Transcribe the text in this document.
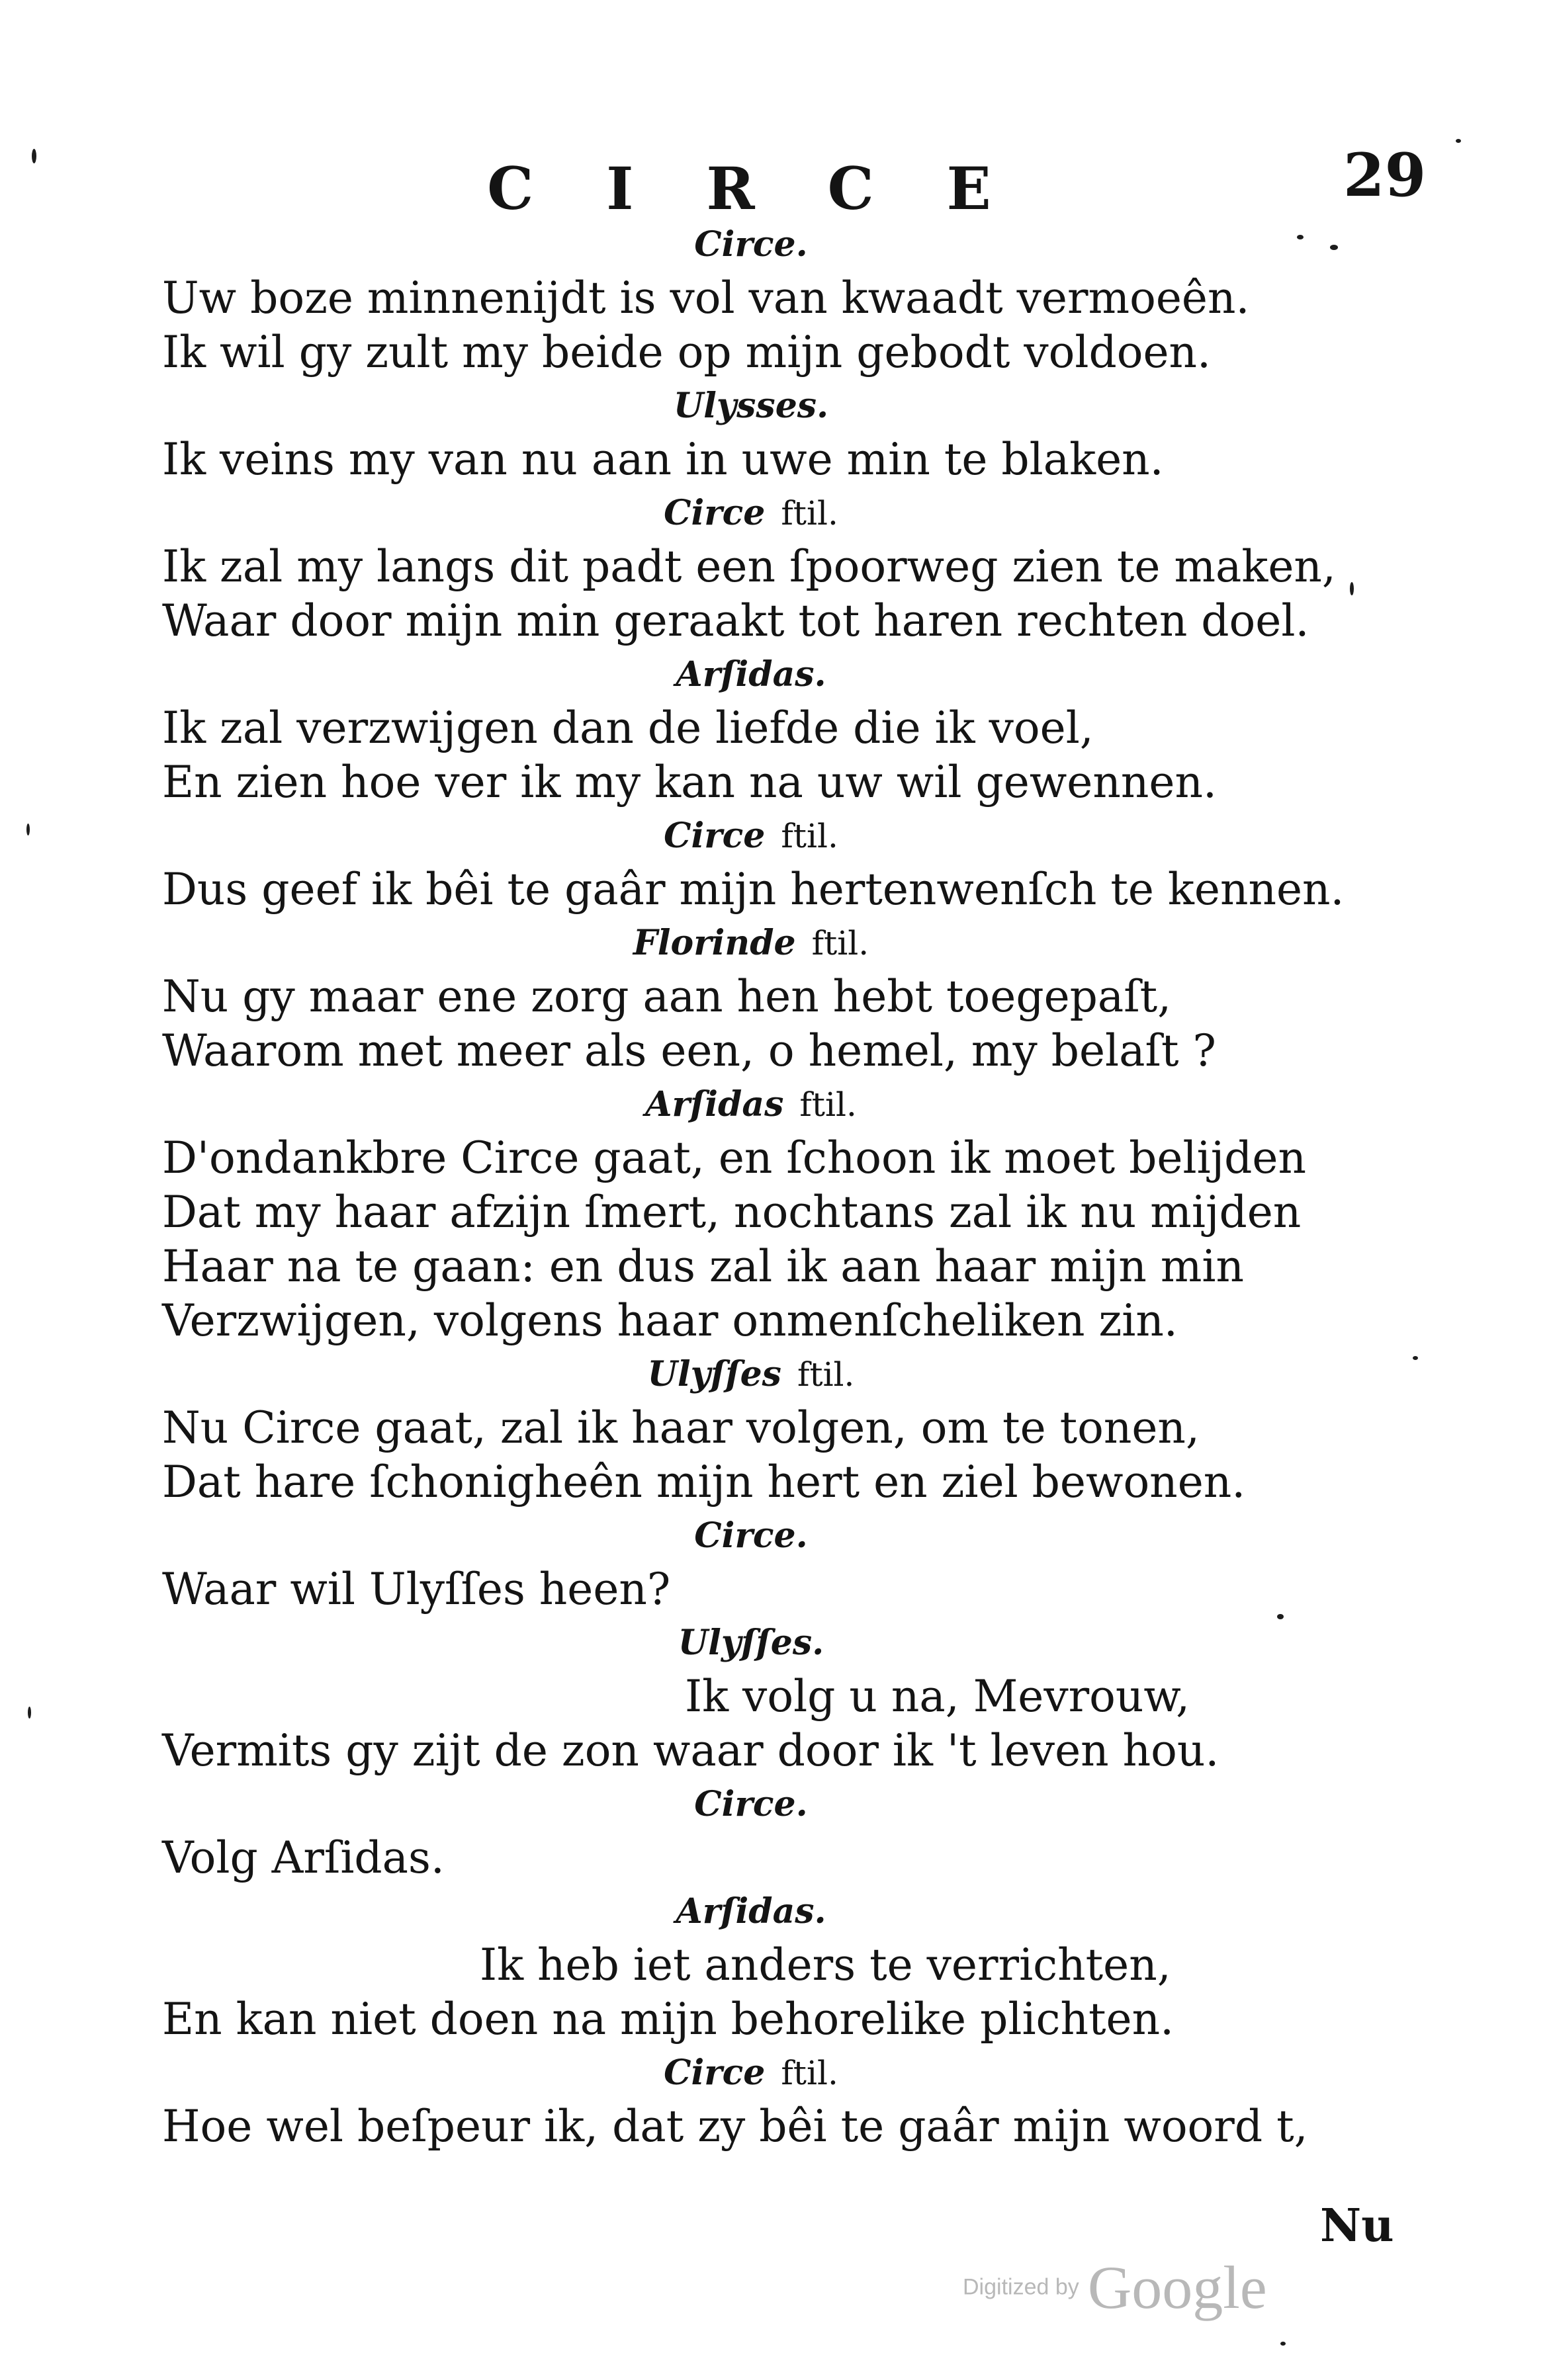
CIRCE	29
Circe.
Uw boze minnenijdt is vol van kwaadt vermoeên.
Ik wil gy zult my beide op mijn gebodt voldoen.
Ulysses.
Ik veins my van nu aan in uwe min te blaken.
Circe ftil.
Ik zal my langs dit padt een ſpoorweg zien te maken,
Waar door mijn min geraakt tot haren rechten doel.
Arſidas.
Ik zal verzwijgen dan de liefde die ik voel,
En zien hoe ver ik my kan na uw wil gewennen.
Circe ftil.
Dus geef ik bêi te gaâr mijn hertenwenſch te kennen.
Florinde ftil.
Nu gy maar ene zorg aan hen hebt toegepaſt,
Waarom met meer als een, o hemel, my belaſt ?
Arſidas ftil.
D'ondankbre Circe gaat, en ſchoon ik moet belijden
Dat my haar afzijn ſmert, nochtans zal ik nu mijden
Haar na te gaan: en dus zal ik aan haar mijn min
Verzwijgen, volgens haar onmenſcheliken zin.
Ulyſſes ftil.
Nu Circe gaat, zal ik haar volgen, om te tonen,
Dat hare ſchonigheên mijn hert en ziel bewonen.
Circe.
Waar wil Ulyſſes heen?
Ulyſſes.
Ik volg u na, Mevrouw,
Vermits gy zijt de zon waar door ik 't leven hou.
Circe.
Volg Arſidas.
Arſidas.
Ik heb iet anders te verrichten,
En kan niet doen na mijn behorelike plichten.
Circe ftil.
Hoe wel beſpeur ik, dat zy bêi te gaâr mijn woord t,
Nu
Digitized by Google
